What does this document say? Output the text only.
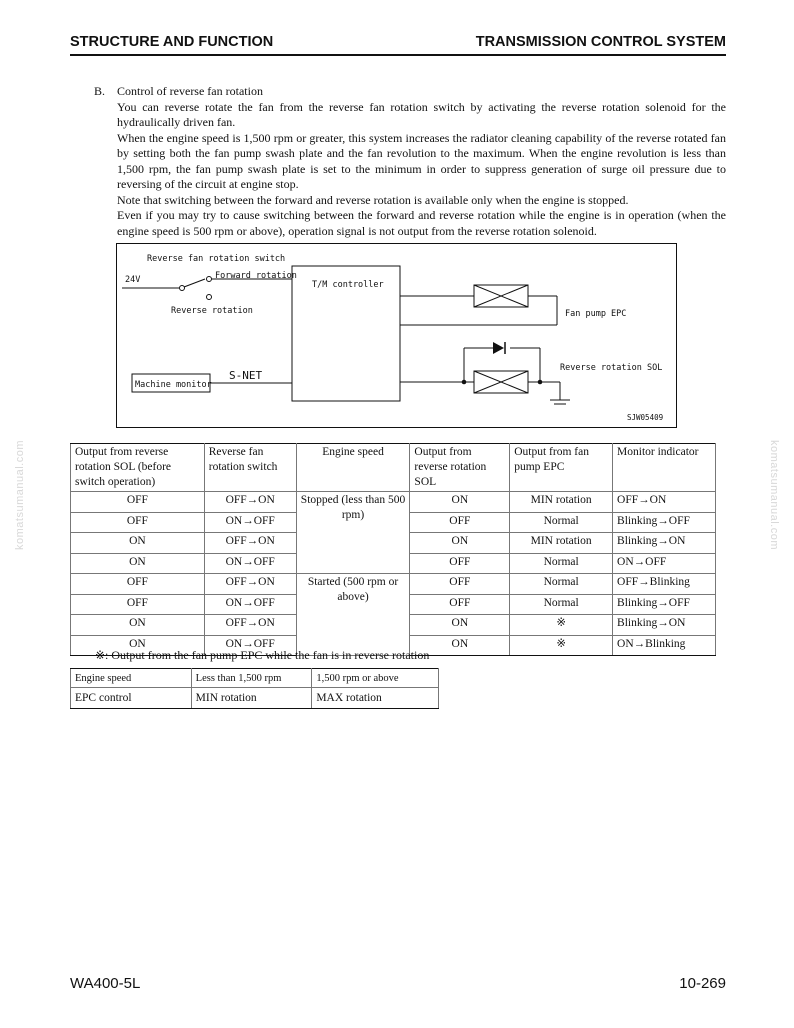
STRUCTURE AND FUNCTION	TRANSMISSION CONTROL SYSTEM
B. Control of reverse fan rotation

You can reverse rotate the fan from the reverse fan rotation switch by activating the reverse rotation solenoid for the hydraulically driven fan.

When the engine speed is 1,500 rpm or greater, this system increases the radiator cleaning capability of the reverse rotated fan by setting both the fan pump swash plate and the fan revolution to the maximum. When the engine revolution is less than 1,500 rpm, the fan pump swash plate is set to the minimum in order to suppress generation of surge oil pressure due to reversing of the circuit at engine stop.

Note that switching between the forward and reverse rotation is available only when the engine is stopped.

Even if you may try to cause switching between the forward and reverse rotation while the engine is in operation (when the engine speed is 500 rpm or above), operation signal is not output from the reverse rotation solenoid.

Reverse fan rotation switch
24V	Forward rotation
Reverse rotation
T/M controller
Fan pump EPC
Reverse rotation SOL
Machine monitor
S-NET
SJW05409
Output from reverse rotation SOL (before switch operation)	Reverse fan rotation switch	Engine speed	Output from reverse rotation SOL	Output from fan pump EPC	Monitor indicator
OFF	OFF→ON	Stopped (less than 500 rpm)	ON	MIN rotation	OFF→ON
OFF	ON→OFF		OFF	Normal	Blinking→OFF
ON	OFF→ON		ON	MIN rotation	Blinking→ON
ON	ON→OFF		OFF	Normal	ON→OFF
OFF	OFF→ON	Started (500 rpm or above)	OFF	Normal	OFF→Blinking
OFF	ON→OFF		OFF	Normal	Blinking→OFF
ON	OFF→ON		ON	※	Blinking→ON
ON	ON→OFF		ON	※	ON→Blinking
※: Output from the fan pump EPC while the fan is in reverse rotation
Engine speed	Less than 1,500 rpm	1,500 rpm or above
EPC control	MIN rotation	MAX rotation
komatsumanual.com	komatsumanual.com
WA400-5L	10-269
